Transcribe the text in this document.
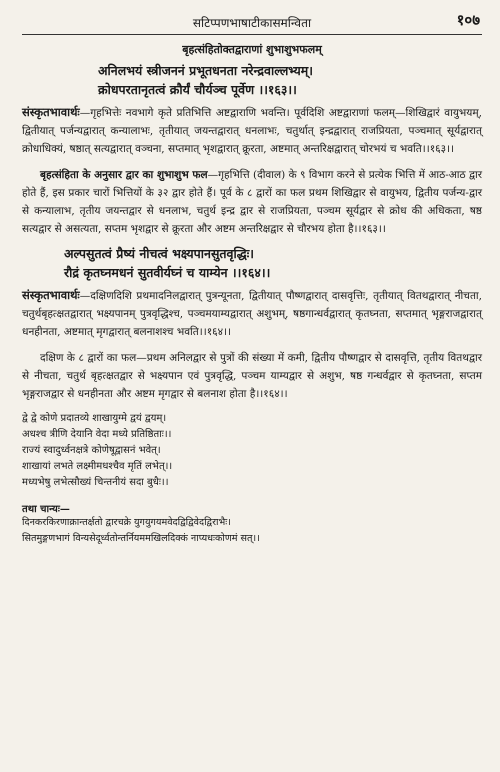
सटिप्पणभाषाटीकासमन्विता	१०७
बृहत्संहितोक्तद्वाराणां शुभाशुभफलम्
अनिलभयं स्त्रीजननं प्रभूतधनता नरेन्द्रवाल्लभ्यम्।
क्रोधपरतानृतत्वं क्रौर्यं चौर्यञ्च पूर्वेण ।।१६३।।

संस्कृतभावार्थः—गृहभित्तेः नवभागे कृते प्रतिभित्ति अष्टद्वाराणि भवन्ति। पूर्वदिशि अष्टद्वाराणां फलम्—शिखिद्वारं वायुभयम्, द्वितीयात् पर्जन्यद्वारात् कन्यालाभः, तृतीयात् जयन्तद्वारात् धनलाभः, चतुर्थात् इन्द्रद्वारात् राजप्रियता, पञ्चमात् सूर्यद्वारात् क्रोधाधिक्यं, षष्ठात् सत्यद्वारात् वञ्चना, सप्तमात् भृशद्वारात् क्रूरता, अष्टमात् अन्तरिक्षद्वारात् चोरभयं च भवति।।१६३।।

बृहत्संहिता के अनुसार द्वार का शुभाशुभ फल—गृहभित्ति (दीवाल) के ९ विभाग करने से प्रत्येक भित्ति में आठ-आठ द्वार होते हैं, इस प्रकार चारों भित्तियों के ३२ द्वार होते हैं। पूर्व के ८ द्वारों का फल प्रथम शिखिद्वार से वायुभय, द्वितीय पर्जन्य-द्वार से कन्यालाभ, तृतीय जयन्तद्वार से धनलाभ, चतुर्थ इन्द्र द्वार से राजप्रियता, पञ्चम सूर्यद्वार से क्रोध की अधिकता, षष्ठ सत्यद्वार से असत्यता, सप्तम भृशद्वार से क्रूरता और अष्टम अन्तरिक्षद्वार से चौरभय होता है।।१६३।।

अल्पसुतत्वं प्रैष्यं नीचत्वं भक्ष्यपानसुतवृद्धिः।
रौद्रं कृतघ्नमधनं सुतवीर्यघ्नं च याम्येन ।।१६४।।

संस्कृतभावार्थः—दक्षिणदिशि प्रथमादनिलद्वारात् पुत्रन्यूनता, द्वितीयात् पौष्णद्वारात् दासवृत्तिः, तृतीयात् वितथद्वारात् नीचता, चतुर्थबृहत्क्षतद्वारात् भक्ष्यपानम् पुत्रवृद्धिश्च, पञ्चमयाम्यद्वारात् अशुभम्, षष्ठगान्धर्वद्वारात् कृतघ्नता, सप्तमात् भृङ्गराजद्वारात् धनहीनता, अष्टमात् मृगद्वारात् बलनाशश्च भवति।।१६४।।

दक्षिण के ८ द्वारों का फल—प्रथम अनिलद्वार से पुत्रों की संख्या में कमी, द्वितीय पौष्णद्वार से दासवृत्ति, तृतीय वितथद्वार से नीचता, चतुर्थ बृहत्क्षतद्वार से भक्ष्यपान एवं पुत्रवृद्धि, पञ्चम याम्यद्वार से अशुभ, षष्ठ गन्धर्वद्वार से कृतघ्नता, सप्तम भृङ्गराजद्वार से धनहीनता और अष्टम मृगद्वार से बलनाश होता है।।१६४।।

द्वे द्वे कोणे प्रदातव्ये शाखायुग्मे द्वयं द्वयम्।
अधश्च त्रीणि देयानि वेदा मध्ये प्रतिष्ठिताः।।
राज्यं स्वादुर्ध्वनक्षत्रे कोणेषूद्वासनं भवेत्।
शाखायां लभते लक्ष्मीमधश्चैव मृतिं लभेत्।।
मध्यभेषु लभेत्सौख्यं चिन्तनीयं सदा बुधैः।।
तथा चान्यः—
दिनकरकिरणाक्रान्तर्क्षतो द्वारचक्रे युगयुगयमवेदद्विद्विवेदद्विराभैः।
सितमुङ्गणभागं विन्यसेदूर्ध्वतोन्तर्नियममखिलदिक्कं नाप्यधःकोणमं सत्।।
